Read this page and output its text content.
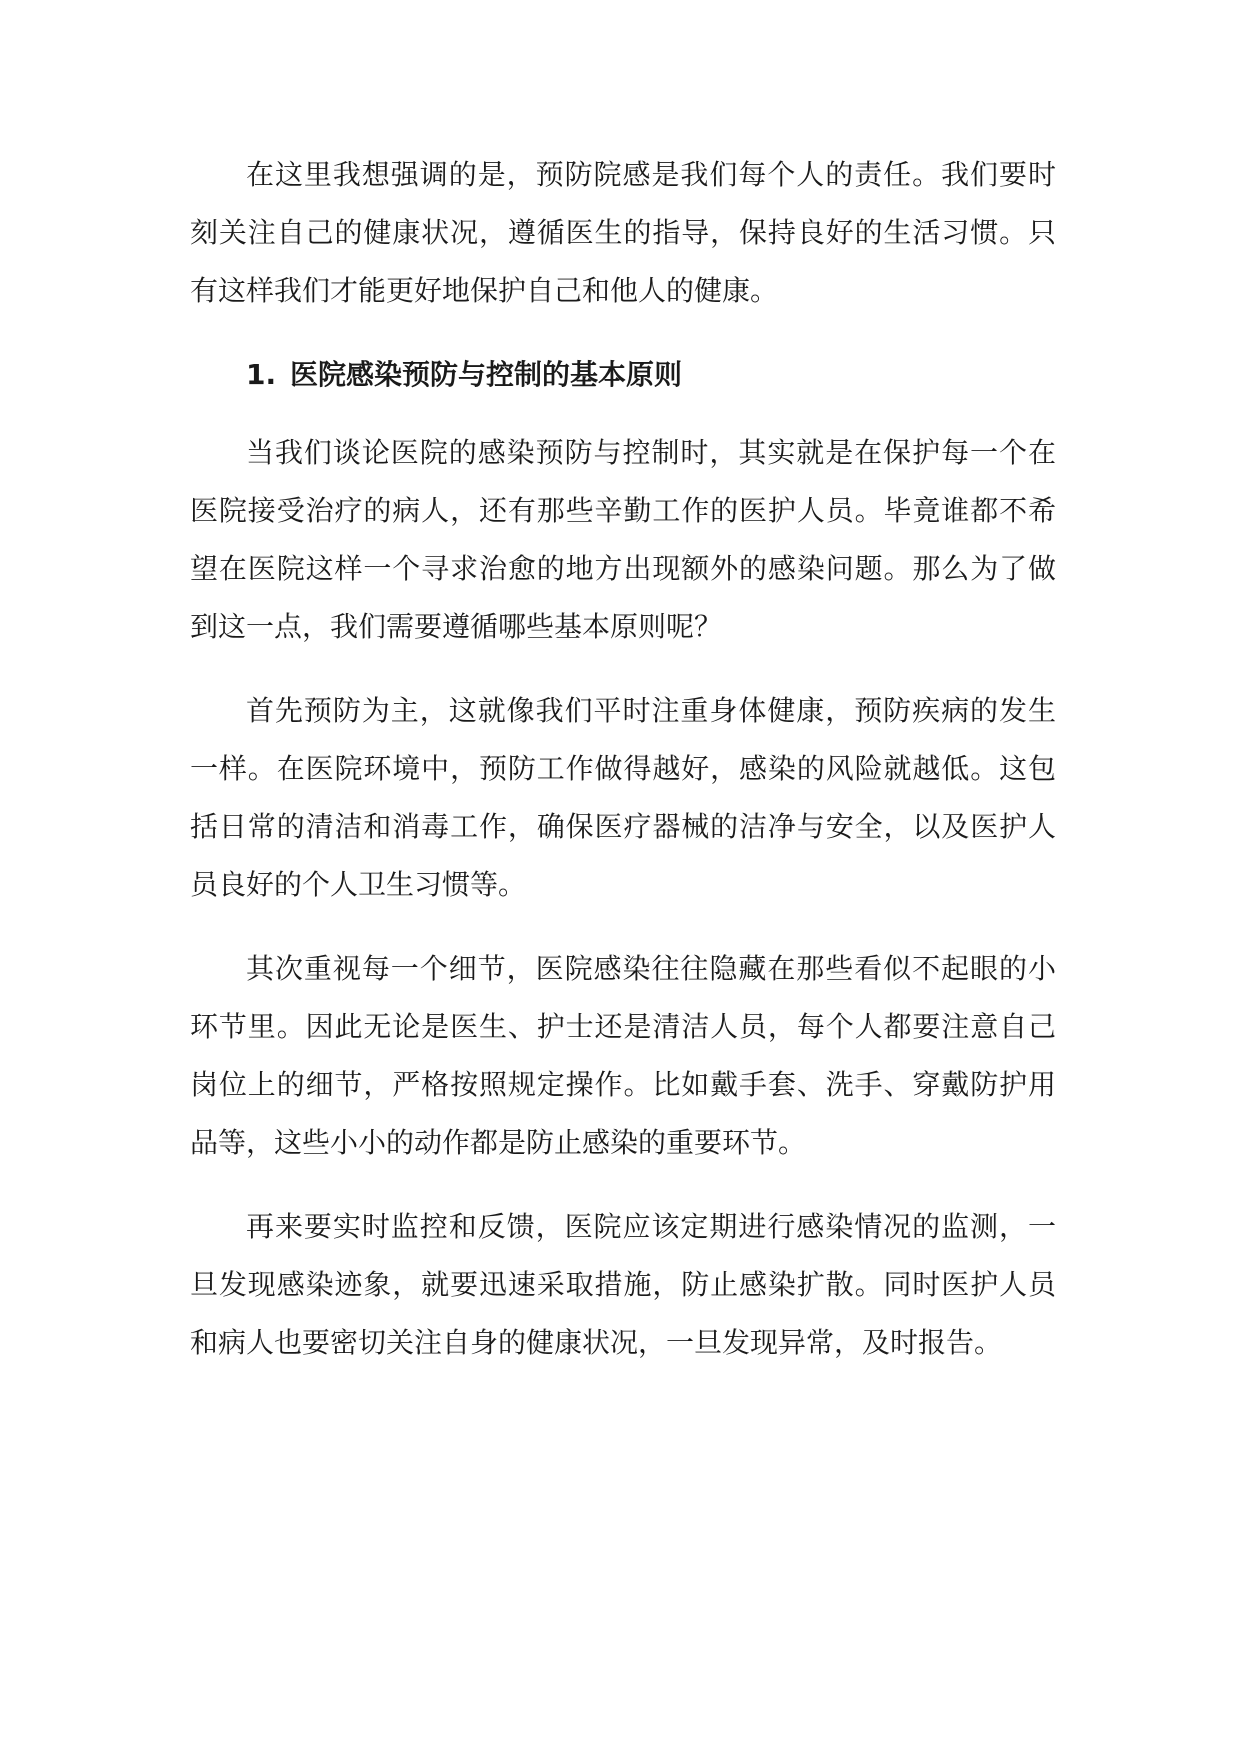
在这里我想强调的是，预防院感是我们每个人的责任。我们要时刻关注自己的健康状况，遵循医生的指导，保持良好的生活习惯。只有这样我们才能更好地保护自己和他人的健康。

1. 医院感染预防与控制的基本原则

当我们谈论医院的感染预防与控制时，其实就是在保护每一个在医院接受治疗的病人，还有那些辛勤工作的医护人员。毕竟谁都不希望在医院这样一个寻求治愈的地方出现额外的感染问题。那么为了做到这一点，我们需要遵循哪些基本原则呢？

首先预防为主，这就像我们平时注重身体健康，预防疾病的发生一样。在医院环境中，预防工作做得越好，感染的风险就越低。这包括日常的清洁和消毒工作，确保医疗器械的洁净与安全，以及医护人员良好的个人卫生习惯等。

其次重视每一个细节，医院感染往往隐藏在那些看似不起眼的小环节里。因此无论是医生、护士还是清洁人员，每个人都要注意自己岗位上的细节，严格按照规定操作。比如戴手套、洗手、穿戴防护用品等，这些小小的动作都是防止感染的重要环节。

再来要实时监控和反馈，医院应该定期进行感染情况的监测，一旦发现感染迹象，就要迅速采取措施，防止感染扩散。同时医护人员和病人也要密切关注自身的健康状况，一旦发现异常，及时报告。
